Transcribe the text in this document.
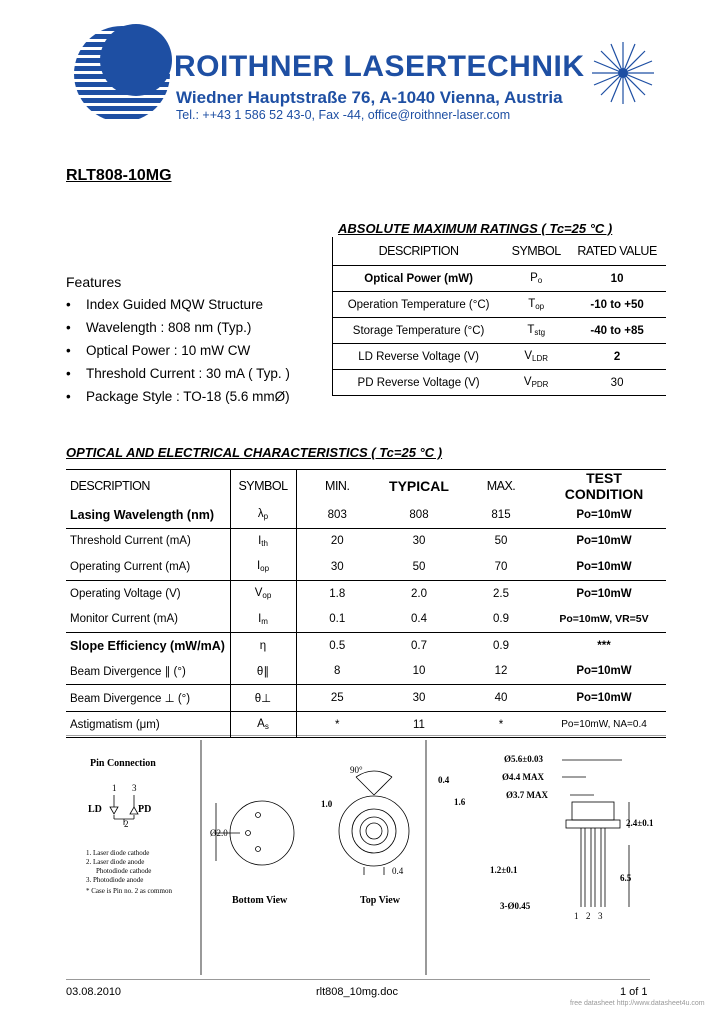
ROITHNER LASERTECHNIK
Wiedner Hauptstraße 76, A-1040 Vienna, Austria
Tel.: ++43 1 586 52 43-0, Fax -44, office@roithner-laser.com
RLT808-10MG
ABSOLUTE MAXIMUM RATINGS ( Tc=25 °C )
DESCRIPTION	SYMBOL	RATED VALUE
Optical Power (mW)	$P_o$	10
Operation Temperature (°C)	$T_{op}$	-10 to +50
Storage Temperature (°C)	$T_{stg}$	-40 to +85
LD Reverse Voltage (V)	$V_{LDR}$	2
PD Reverse Voltage (V)	$V_{PDR}$	30
Features
• Index Guided MQW Structure
• Wavelength : 808 nm (Typ.)
• Optical Power : 10 mW CW
• Threshold Current : 30 mA ( Typ. )
• Package Style : TO-18 (5.6 mmØ)
OPTICAL AND ELECTRICAL CHARACTERISTICS ( Tc=25 °C )
DESCRIPTION	SYMBOL	MIN.	TYPICAL	MAX.	TEST CONDITION
Lasing Wavelength (nm)	$\lambda_p$	803	808	815	Po=10mW
Threshold Current (mA)	$I_{th}$	20	30	50	Po=10mW
Operating Current (mA)	$I_{op}$	30	50	70	Po=10mW
Operating Voltage (V)	$V_{op}$	1.8	2.0	2.5	Po=10mW
Monitor Current (mA)	$I_m$	0.1	0.4	0.9	Po=10mW, VR=5V
Slope Efficiency (mW/mA)	η	0.5	0.7	0.9	***
Beam Divergence ∥ (°)	θ∥	8	10	12	Po=10mW
Beam Divergence ⊥ (°)	θ⊥	25	30	40	Po=10mW
Astigmatism (μm)	$A_s$	*	11	*	Po=10mW, NA=0.4
Pin Connection
1 3
2
LD	PD
1. Laser diode cathode
2. Laser diode anode
Photodiode cathode
3. Photodiode anode
* Case is Pin no. 2 as common
Ø2.0
Bottom View
90°
0.4
1.0	1.6
0.4
Top View
Ø5.6±0.03
Ø4.4 MAX
Ø3.7 MAX
2.4±0.1
1.2±0.1
6.5
3-Ø0.45
1 2 3
03.08.2010	rlt808_10mg.doc	1 of 1
free datasheet http://www.datasheet4u.com
